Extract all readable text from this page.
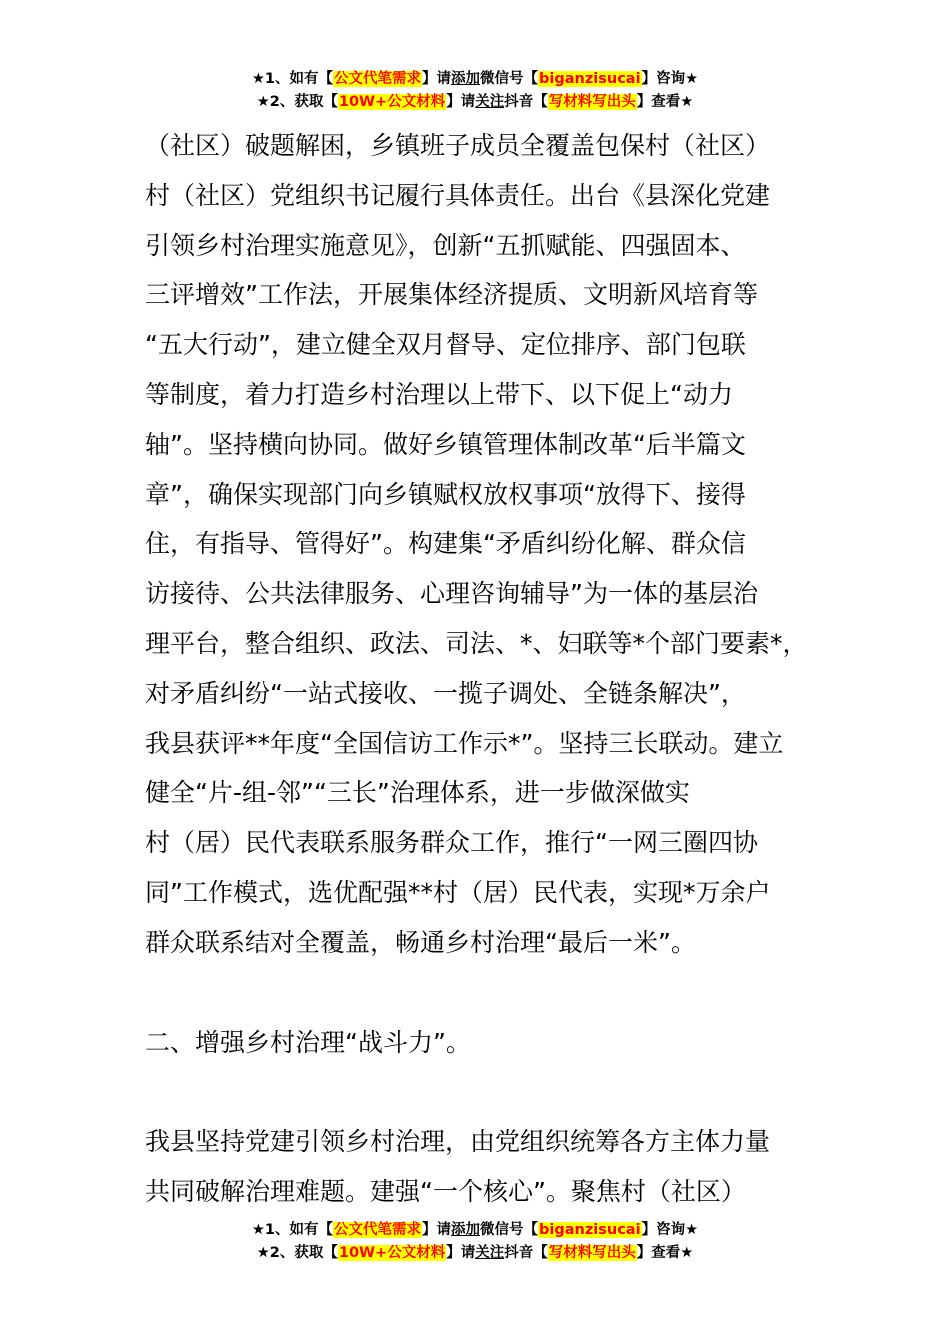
★1、如有【公文代笔需求】请添加微信号【biganzisucai】咨询★
★2、获取【10W+公文材料】请关注抖音【写材料写出头】查看★

（社区）破题解困，乡镇班子成员全覆盖包保村（社区）

村（社区）党组织书记履行具体责任。出台《县深化党建

引领乡村治理实施意见》，创新“五抓赋能、四强固本、

三评增效”工作法，开展集体经济提质、文明新风培育等

“五大行动”，建立健全双月督导、定位排序、部门包联

等制度，着力打造乡村治理以上带下、以下促上“动力

轴”。坚持横向协同。做好乡镇管理体制改革“后半篇文

章”，确保实现部门向乡镇赋权放权事项“放得下、接得

住，有指导、管得好”。构建集“矛盾纠纷化解、群众信

访接待、公共法律服务、心理咨询辅导”为一体的基层治

理平台，整合组织、政法、司法、*、妇联等*个部门要素*，

对矛盾纠纷“一站式接收、一揽子调处、全链条解决”，

我县获评**年度“全国信访工作示*”。坚持三长联动。建立

健全“片-组-邻”“三长”治理体系，进一步做深做实

村（居）民代表联系服务群众工作，推行“一网三圈四协

同”工作模式，选优配强**村（居）民代表，实现*万余户

群众联系结对全覆盖，畅通乡村治理“最后一米”。

二、增强乡村治理“战斗力”。

我县坚持党建引领乡村治理，由党组织统筹各方主体力量

共同破解治理难题。建强“一个核心”。聚焦村（社区）

★1、如有【公文代笔需求】请添加微信号【biganzisucai】咨询★
★2、获取【10W+公文材料】请关注抖音【写材料写出头】查看★
